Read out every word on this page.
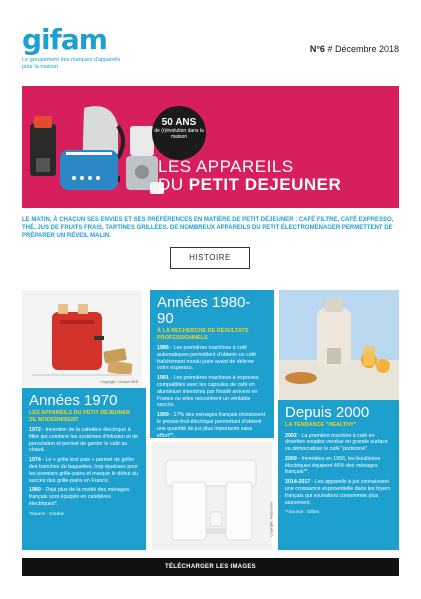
gifam
Le groupement des marques d'appareils pour la maison
N°6 # Décembre 2018
50 ANS
de (r)évolution dans la maison
LES APPAREILS
DU PETIT DEJEUNER
LE MATIN, À CHACUN SES ENVIES ET SES PRÉFÉRENCES EN MATIÈRE DE PETIT DÉJEUNER : CAFÉ FILTRE, CAFÉ EXPRESSO, THÉ, JUS DE FRUITS FRAIS, TARTINES GRILLÉES. DE NOMBREUX APPAREILS DU PETIT ÉLECTROMÉNAGER PERMETTENT DE PRÉPARER UN RÉVEIL MALIN.
HISTOIRE
Copyright : Groupe SEB
Années 1980-90
À LA RECHERCHE DE RÉSULTATS PROFESSIONNELS

1985 - Les premières machines à café automatiques permettent d'obtenir un café fraîchement moulu juste avant de délivrer votre expresso.

1991 - Les premières machines à expresso compatibles avec les capsules de café en aluminium inventées par Nestlé arrivent en France ou elles rencontrent un véritable succès.

1999 - 17% des ménages français choisissent le presse-fruit électrique permettant d'obtenir une quantité de jus plus importante sans effort**.

Années 1970
LES APPAREILS DU PETIT DÉJEUNER SE MODERNISENT

1972 - Invention de la cafetière électrique à filtre qui combine les systèmes d'infusion et de percolation et permet de garder le café au chaud.

1974 - Le « grille tout pain » permet de griller des tranches de baguettes, trop épaisses pour les premiers grille-pains et marque le début du succès des grille-pains en France.

1980 - Déjà plus de la moitié des ménages français sont équipés en cafetières électriques*.

*Source : Credoc	Copyright : Nespresso
Depuis 2000
LA TENDANCE "HEALTHY"

2002 - La première machine à café en dosettes souples vendue en grande surface va démocratiser le café "portionné".

2009 - Inventées en 1956, les bouilloires électriques équipent 46% des ménages français**.

2014-2017 - Les appareils à jus connaissent une croissance exponentielle dans les foyers français qui souhaitent consommer plus sainement.

**Source : Gifam

TÉLÉCHARGER LES IMAGES
